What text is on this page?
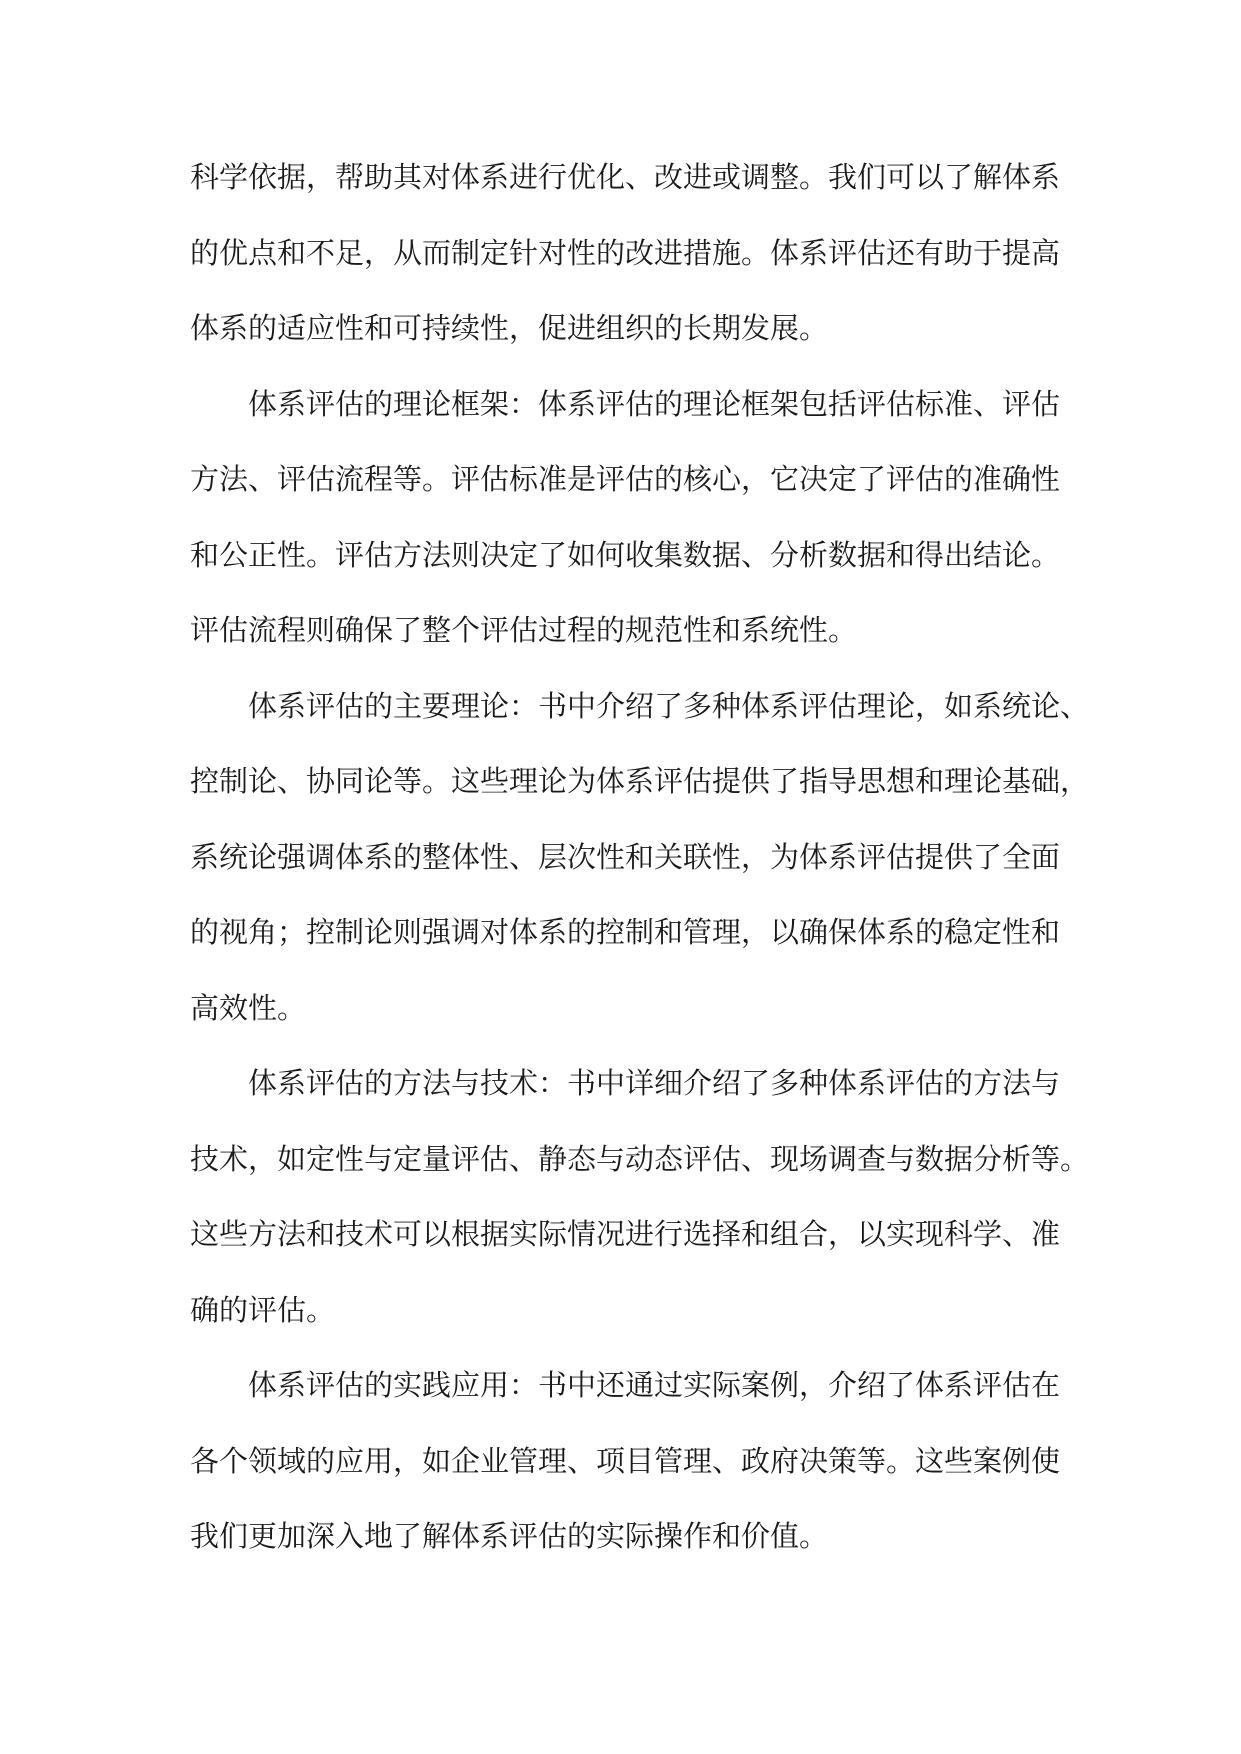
科学依据，帮助其对体系进行优化、改进或调整。我们可以了解体系
的优点和不足，从而制定针对性的改进措施。体系评估还有助于提高
体系的适应性和可持续性，促进组织的长期发展。
体系评估的理论框架：体系评估的理论框架包括评估标准、评估
方法、评估流程等。评估标准是评估的核心，它决定了评估的准确性
和公正性。评估方法则决定了如何收集数据、分析数据和得出结论。
评估流程则确保了整个评估过程的规范性和系统性。
体系评估的主要理论：书中介绍了多种体系评估理论，如系统论、
控制论、协同论等。这些理论为体系评估提供了指导思想和理论基础，
系统论强调体系的整体性、层次性和关联性，为体系评估提供了全面
的视角；控制论则强调对体系的控制和管理，以确保体系的稳定性和
高效性。
体系评估的方法与技术：书中详细介绍了多种体系评估的方法与
技术，如定性与定量评估、静态与动态评估、现场调查与数据分析等。
这些方法和技术可以根据实际情况进行选择和组合，以实现科学、准
确的评估。
体系评估的实践应用：书中还通过实际案例，介绍了体系评估在
各个领域的应用，如企业管理、项目管理、政府决策等。这些案例使
我们更加深入地了解体系评估的实际操作和价值。
